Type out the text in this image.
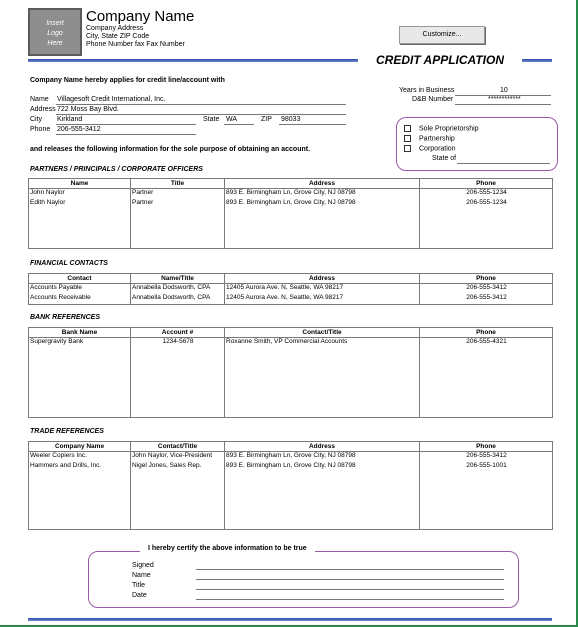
Insert
Logo
Here
Company Name
Company Address
City, State ZIP Code
Phone Number fax Fax Number
Customize...
CREDIT APPLICATION
Company Name hereby applies for credit line/account with
Name Villagesoft Credit International, Inc.
Address 722 Moss Bay Blvd.
City Kirkland	State WA	ZIP 98033
Phone 206-555-3412
Years in Business	10
D&B Number	************
Sole Proprietorship
Partnership
Corporation
State of
and releases the following information for the sole purpose of obtaining an account.
PARTNERS / PRINCIPALS / CORPORATE OFFICERS
Name	Title	Address	Phone
John Naylor	Partner	893 E. Birmingham Ln, Grove City, NJ 08798	206-555-1234
Edith Naylor	Partner	893 E. Birmingham Ln, Grove City, NJ 08798	206-555-1234

FINANCIAL CONTACTS
Contact	Name/Title	Address	Phone
Accounts Payable	Annabella Dodsworth, CPA	12405 Aurora Ave. N, Seattle, WA 98217	206-555-3412
Accounts Receivable	Annabella Dodsworth, CPA	12405 Aurora Ave. N, Seattle, WA 98217	206-555-3412
BANK REFERENCES
Bank Name	Account #	Contact/Title	Phone
Supergravity Bank	1234-5678	Roxanne Smith, VP Commercial Accounts	206-555-4321

TRADE REFERENCES
Company Name	Contact/Title	Address	Phone
Weeler Copiers Inc.	John Naylor, Vice-President	893 E. Birmingham Ln, Grove City, NJ 08798	206-555-3412
Hammers and Drills, Inc.	Nigel Jones, Sales Rep.	893 E. Birmingham Ln, Grove City, NJ 08798	206-555-1001

I hereby certify the above information to be true
Signed
Name
Title
Date
